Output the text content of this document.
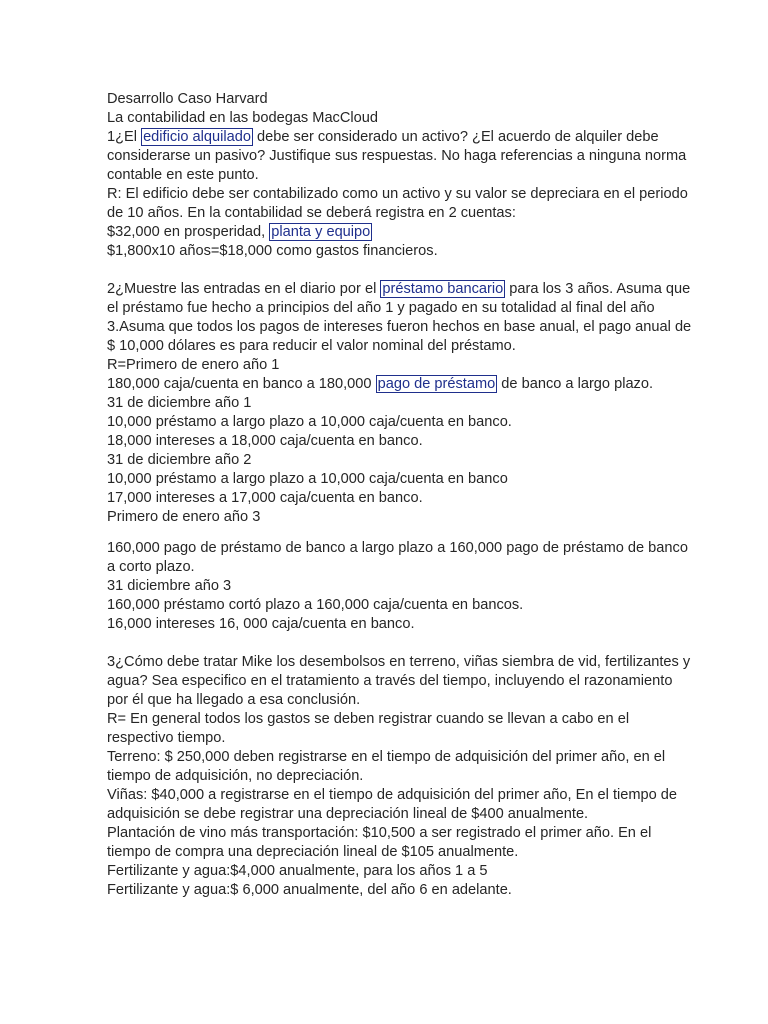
Desarrollo Caso Harvard
La contabilidad en las bodegas MacCloud
1¿El edificio alquilado debe ser considerado un activo? ¿El acuerdo de alquiler debe
considerarse un pasivo? Justifique sus respuestas. No haga referencias a ninguna norma
contable en este punto.
R: El edificio debe ser contabilizado como un activo y su valor se depreciara en el periodo
de 10 años. En la contabilidad se deberá registra en 2 cuentas:
$32,000 en prosperidad, planta y equipo
$1,800x10 años=$18,000 como gastos financieros.
2¿Muestre las entradas en el diario por el préstamo bancario para los 3 años. Asuma que
el préstamo fue hecho a principios del año 1 y pagado en su totalidad al final del año
3.Asuma que todos los pagos de intereses fueron hechos en base anual, el pago anual de
$ 10,000 dólares es para reducir el valor nominal del préstamo.
R=Primero de enero año 1
180,000 caja/cuenta en banco a 180,000 pago de préstamo de banco a largo plazo.
31 de diciembre año 1
10,000 préstamo a largo plazo a 10,000 caja/cuenta en banco.
18,000 intereses a 18,000 caja/cuenta en banco.
31 de diciembre año 2
10,000 préstamo a largo plazo a 10,000 caja/cuenta en banco
17,000 intereses a 17,000 caja/cuenta en banco.
Primero de enero año 3
160,000 pago de préstamo de banco a largo plazo a 160,000 pago de préstamo de banco
a corto plazo.
31 diciembre año 3
160,000 préstamo cortó plazo a 160,000 caja/cuenta en bancos.
16,000 intereses 16, 000 caja/cuenta en banco.
3¿Cómo debe tratar Mike los desembolsos en terreno, viñas siembra de vid, fertilizantes y
agua? Sea especifico en el tratamiento a través del tiempo, incluyendo el razonamiento
por él que ha llegado a esa conclusión.
R= En general todos los gastos se deben registrar cuando se llevan a cabo en el
respectivo tiempo.
Terreno: $ 250,000 deben registrarse en el tiempo de adquisición del primer año, en el
tiempo de adquisición, no depreciación.
Viñas: $40,000 a registrarse en el tiempo de adquisición del primer año, En el tiempo de
adquisición se debe registrar una depreciación lineal de $400 anualmente.
Plantación de vino más transportación: $10,500 a ser registrado el primer año. En el
tiempo de compra una depreciación lineal de $105 anualmente.
Fertilizante y agua:$4,000 anualmente, para los años 1 a 5
Fertilizante y agua:$ 6,000 anualmente, del año 6 en adelante.
